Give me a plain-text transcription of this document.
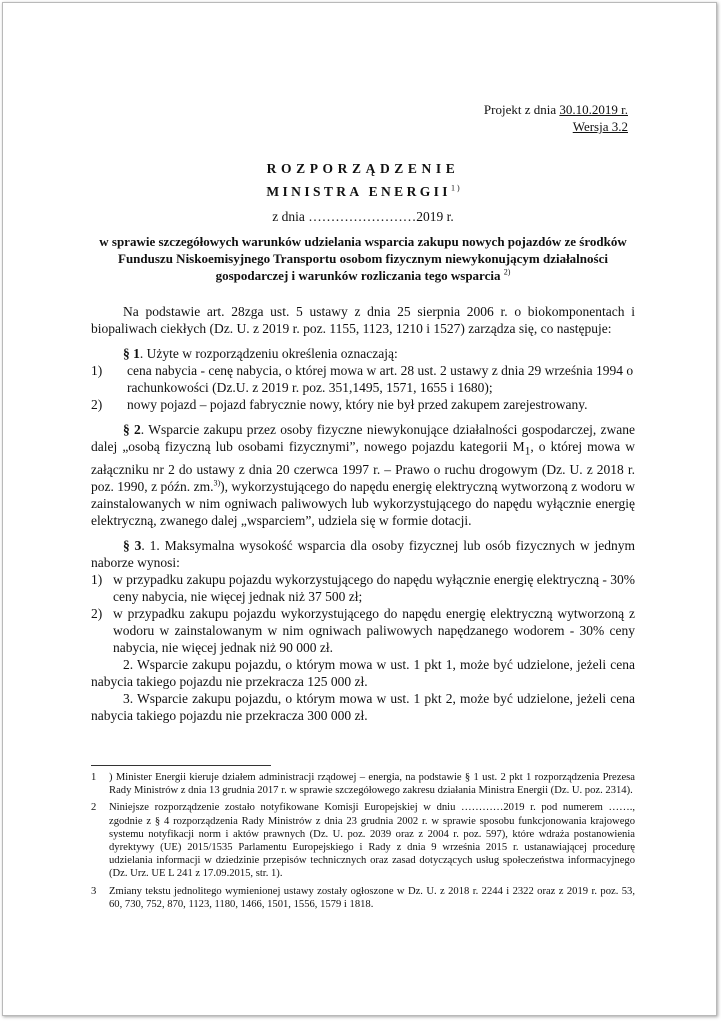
Projekt z dnia 30.10.2019 r.
Wersja 3.2
ROZPORZĄDZENIE
MINISTRA $ENERGII^{1 )}$
z dnia ……………………2019 r.
w sprawie szczegółowych warunków udzielania wsparcia zakupu nowych pojazdów ze środków Funduszu Niskoemisyjnego Transportu osobom fizycznym niewykonującym działalności gospodarczej i warunków rozliczania tego wsparcia $^{2)}$

Na podstawie art. 28zga ust. 5 ustawy z dnia 25 sierpnia 2006 r. o biokomponentach i biopaliwach ciekłych (Dz. U. z 2019 r. poz. 1155, 1123, 1210 i 1527) zarządza się, co następuje:

§ 1. Użyte w rozporządzeniu określenia oznaczają:

1)	cena nabycia - cenę nabycia, o której mowa w art. 28 ust. 2 ustawy z dnia 29 września 1994 o rachunkowości (Dz.U. z 2019 r. poz. 351,1495, 1571, 1655 i 1680);
2)	nowy pojazd – pojazd fabrycznie nowy, który nie był przed zakupem zarejestrowany.

§ 2. Wsparcie zakupu przez osoby fizyczne niewykonujące działalności gospodarczej, zwane dalej „osobą fizyczną lub osobami fizycznymi”, nowego pojazdu kategorii $M_1$, o której mowa w załączniku nr 2 do ustawy z dnia 20 czerwca 1997 r. – Prawo o ruchu drogowym (Dz. U. z 2018 r. poz. 1990, z późn. zm.$^{3)}$), wykorzystującego do napędu energię elektryczną wytworzoną z wodoru w zainstalowanych w nim ogniwach paliwowych lub wykorzystującego do napędu wyłącznie energię elektryczną, zwanego dalej „wsparciem”, udziela się w formie dotacji.

§ 3. 1. Maksymalna wysokość wsparcia dla osoby fizycznej lub osób fizycznych w jednym naborze wynosi:

1) w przypadku zakupu pojazdu wykorzystującego do napędu wyłącznie energię elektryczną - 30% ceny nabycia, nie więcej jednak niż 37 500 zł;
2) w przypadku zakupu pojazdu wykorzystującego do napędu energię elektryczną wytworzoną z wodoru w zainstalowanym w nim ogniwach paliwowych napędzanego wodorem - 30% ceny nabycia, nie więcej jednak niż 90 000 zł.

2. Wsparcie zakupu pojazdu, o którym mowa w ust. 1 pkt 1, może być udzielone, jeżeli cena nabycia takiego pojazdu nie przekracza 125 000 zł.

3. Wsparcie zakupu pojazdu, o którym mowa w ust. 1 pkt 2, może być udzielone, jeżeli cena nabycia takiego pojazdu nie przekracza 300 000 zł.

1	) Minister Energii kieruje działem administracji rządowej – energia, na podstawie § 1 ust. 2 pkt 1 rozporządzenia Prezesa Rady Ministrów z dnia 13 grudnia 2017 r. w sprawie szczegółowego zakresu działania Ministra Energii (Dz. U. poz. 2314).
2	Niniejsze rozporządzenie zostało notyfikowane Komisji Europejskiej w dniu …………2019 r. pod numerem ……., zgodnie z § 4 rozporządzenia Rady Ministrów z dnia 23 grudnia 2002 r. w sprawie sposobu funkcjonowania krajowego systemu notyfikacji norm i aktów prawnych (Dz. U. poz. 2039 oraz z 2004 r. poz. 597), które wdraża postanowienia dyrektywy (UE) 2015/1535 Parlamentu Europejskiego i Rady z dnia 9 września 2015 r. ustanawiającej procedurę udzielania informacji w dziedzinie przepisów technicznych oraz zasad dotyczących usług społeczeństwa informacyjnego (Dz. Urz. UE L 241 z 17.09.2015, str. 1).
3	Zmiany tekstu jednolitego wymienionej ustawy zostały ogłoszone w Dz. U. z 2018 r. 2244 i 2322 oraz z 2019 r. poz. 53, 60, 730, 752, 870, 1123, 1180, 1466, 1501, 1556, 1579 i 1818.
